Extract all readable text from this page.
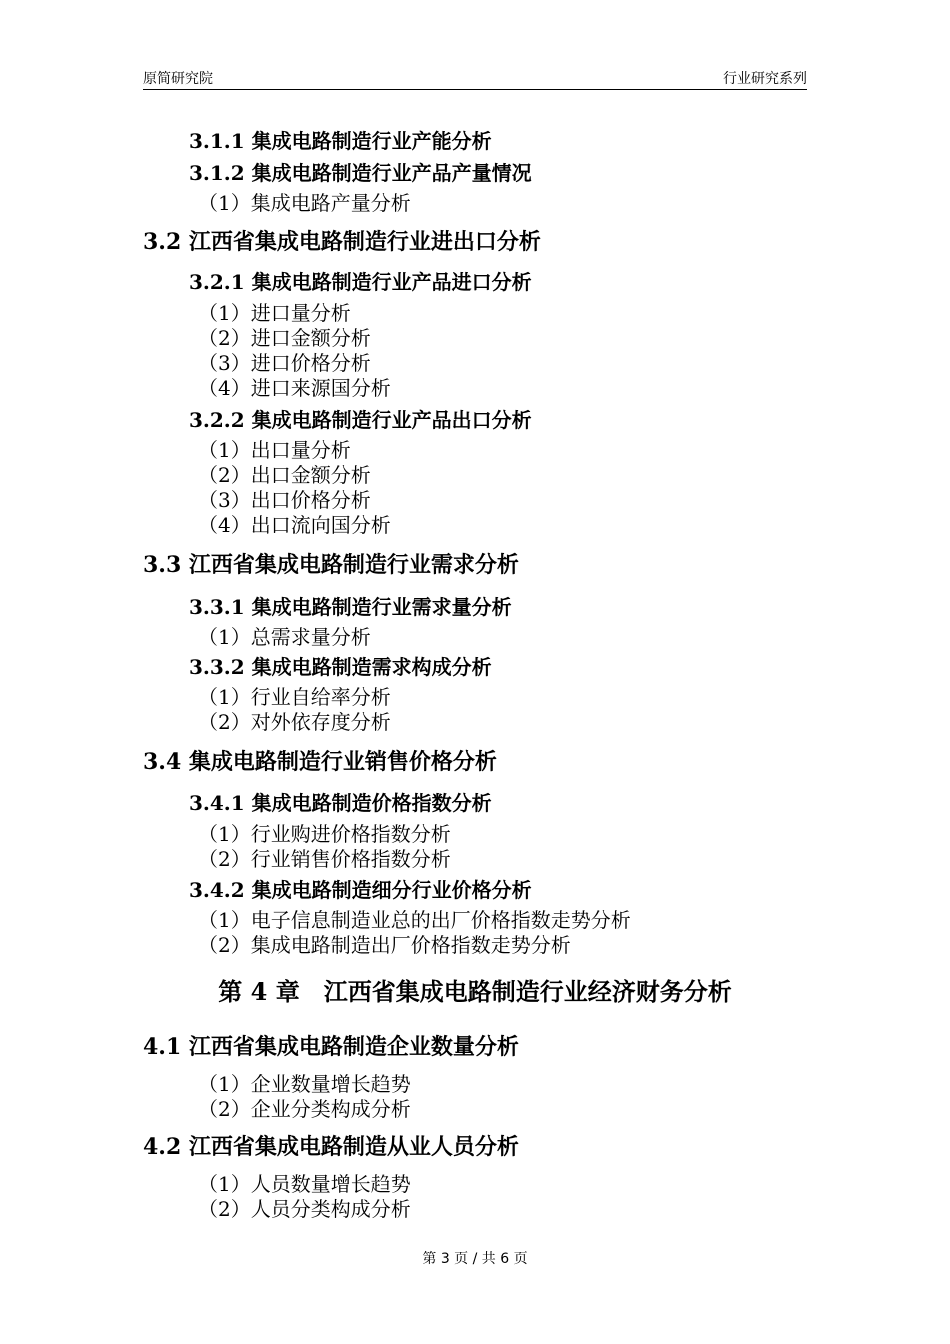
原简研究院	行业研究系列
3.1.1 集成电路制造行业产能分析
3.1.2 集成电路制造行业产品产量情况
（1）集成电路产量分析
3.2 江西省集成电路制造行业进出口分析
3.2.1 集成电路制造行业产品进口分析
（1）进口量分析
（2）进口金额分析
（3）进口价格分析
（4）进口来源国分析
3.2.2 集成电路制造行业产品出口分析
（1）出口量分析
（2）出口金额分析
（3）出口价格分析
（4）出口流向国分析
3.3 江西省集成电路制造行业需求分析
3.3.1 集成电路制造行业需求量分析
（1）总需求量分析
3.3.2 集成电路制造需求构成分析
（1）行业自给率分析
（2）对外依存度分析
3.4 集成电路制造行业销售价格分析
3.4.1 集成电路制造价格指数分析
（1）行业购进价格指数分析
（2）行业销售价格指数分析
3.4.2 集成电路制造细分行业价格分析
（1）电子信息制造业总的出厂价格指数走势分析
（2）集成电路制造出厂价格指数走势分析
第 4 章　江西省集成电路制造行业经济财务分析
4.1 江西省集成电路制造企业数量分析
（1）企业数量增长趋势
（2）企业分类构成分析
4.2 江西省集成电路制造从业人员分析
（1）人员数量增长趋势
（2）人员分类构成分析
第 3 页 / 共 6 页
